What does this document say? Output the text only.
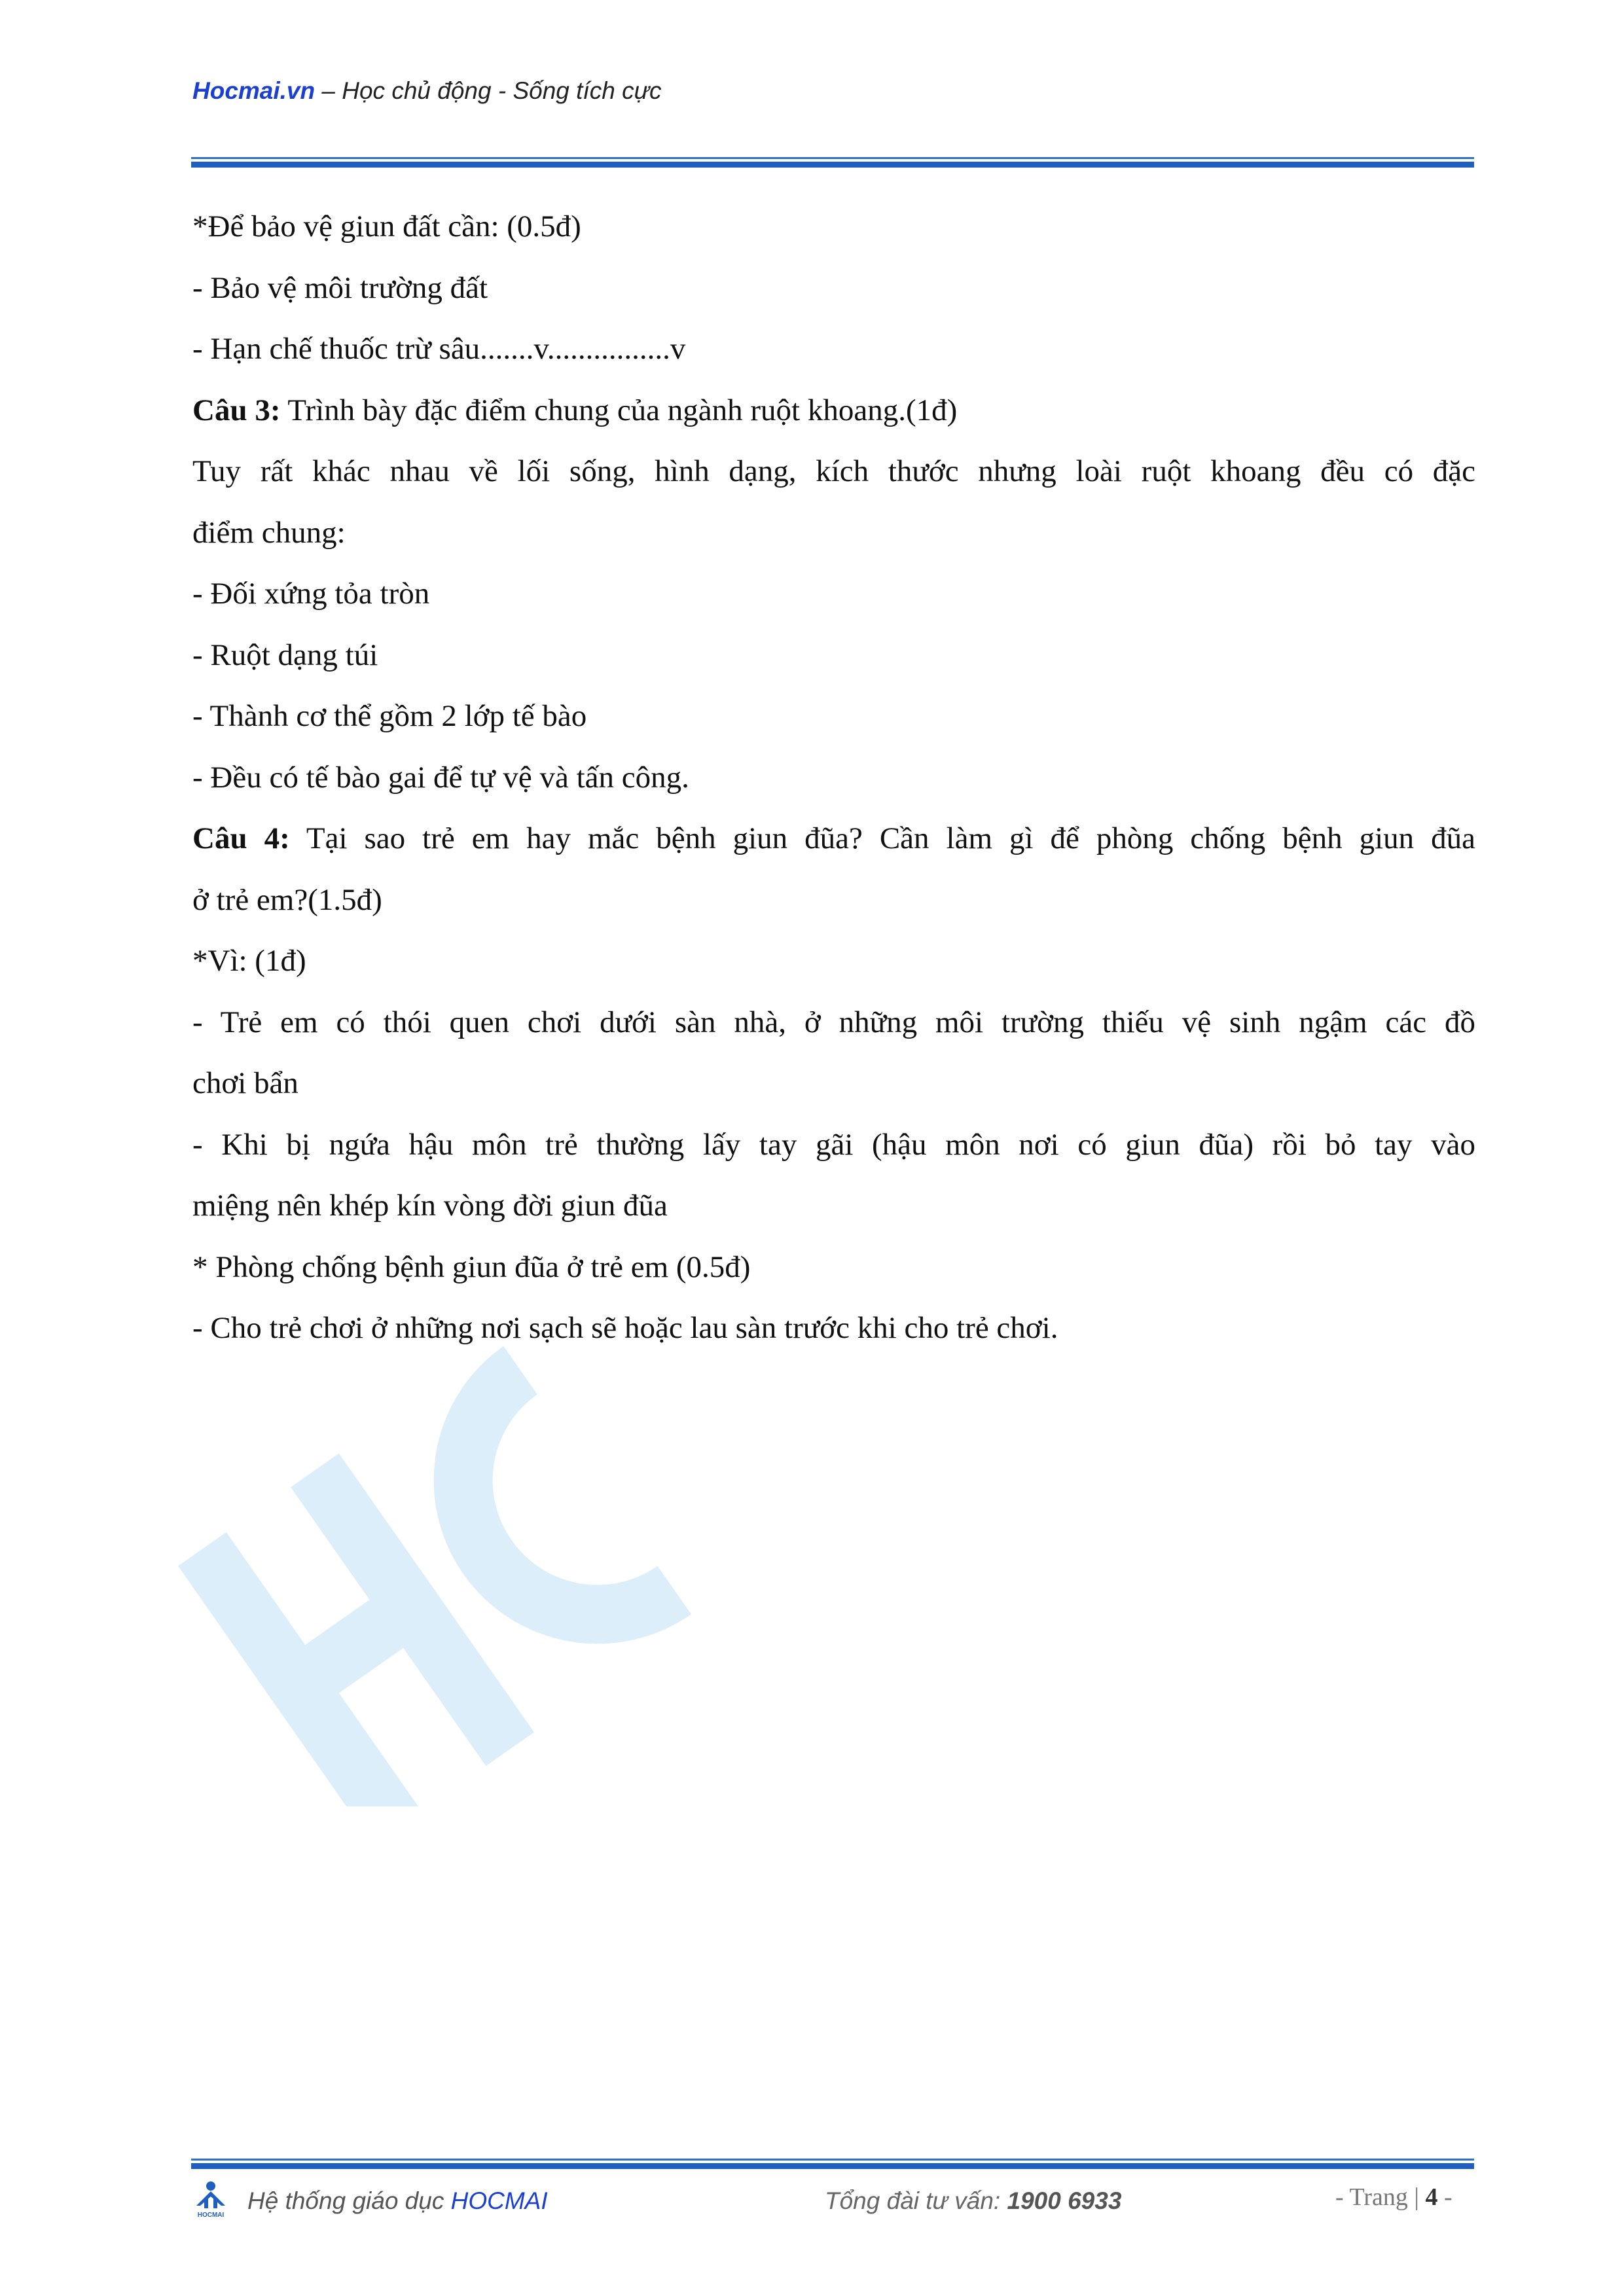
Hocmai.vn – Học chủ động - Sống tích cực

*Để bảo vệ giun đất cần: (0.5đ)

- Bảo vệ môi trường đất

- Hạn chế thuốc trừ sâu.......v................v

Câu 3: Trình bày đặc điểm chung của ngành ruột khoang.(1đ)

Tuy rất khác nhau về lối sống, hình dạng, kích thước nhưng loài ruột khoang đều có đặc

điểm chung:

- Đối xứng tỏa tròn

- Ruột dạng túi

- Thành cơ thể gồm 2 lớp tế bào

- Đều có tế bào gai để tự vệ và tấn công.

Câu 4: Tại sao trẻ em hay mắc bệnh giun đũa? Cần làm gì để phòng chống bệnh giun đũa

ở trẻ em?(1.5đ)

*Vì: (1đ)

- Trẻ em có thói quen chơi dưới sàn nhà, ở những môi trường thiếu vệ sinh ngậm các đồ

chơi bẩn

- Khi bị ngứa hậu môn trẻ thường lấy tay gãi (hậu môn nơi có giun đũa) rồi bỏ tay vào

miệng nên khép kín vòng đời giun đũa

* Phòng chống bệnh giun đũa ở trẻ em (0.5đ)

- Cho trẻ chơi ở những nơi sạch sẽ hoặc lau sàn trước khi cho trẻ chơi.

HOCMAI
Hệ thống giáo dục HOCMAI	Tổng đài tư vấn: 1900 6933	- Trang | 4 -
